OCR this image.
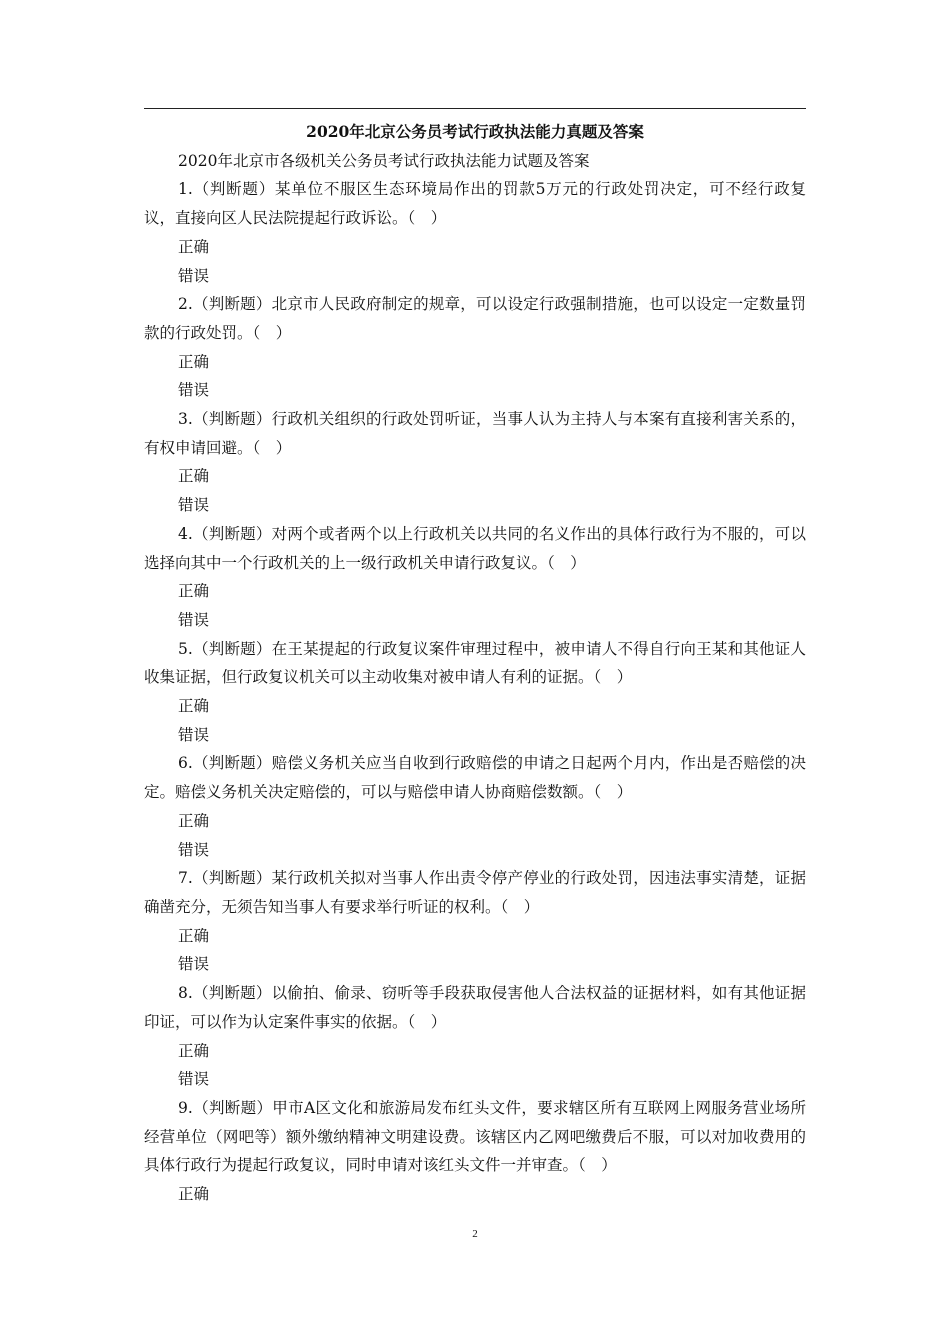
2020年北京公务员考试行政执法能力真题及答案
2020年北京市各级机关公务员考试行政执法能力试题及答案
1.（判断题）某单位不服区生态环境局作出的罚款5万元的行政处罚决定，可不经行政复议，直接向区人民法院提起行政诉讼。（　）
正确
错误
2.（判断题）北京市人民政府制定的规章，可以设定行政强制措施，也可以设定一定数量罚款的行政处罚。（　）
正确
错误
3.（判断题）行政机关组织的行政处罚听证，当事人认为主持人与本案有直接利害关系的，有权申请回避。（　）
正确
错误
4.（判断题）对两个或者两个以上行政机关以共同的名义作出的具体行政行为不服的，可以选择向其中一个行政机关的上一级行政机关申请行政复议。（　）
正确
错误
5.（判断题）在王某提起的行政复议案件审理过程中，被申请人不得自行向王某和其他证人收集证据，但行政复议机关可以主动收集对被申请人有利的证据。（　）
正确
错误
6.（判断题）赔偿义务机关应当自收到行政赔偿的申请之日起两个月内，作出是否赔偿的决定。赔偿义务机关决定赔偿的，可以与赔偿申请人协商赔偿数额。（　）
正确
错误
7.（判断题）某行政机关拟对当事人作出责令停产停业的行政处罚，因违法事实清楚，证据确凿充分，无须告知当事人有要求举行听证的权利。（　）
正确
错误
8.（判断题）以偷拍、偷录、窃听等手段获取侵害他人合法权益的证据材料，如有其他证据印证，可以作为认定案件事实的依据。（　）
正确
错误
9.（判断题）甲市A区文化和旅游局发布红头文件，要求辖区所有互联网上网服务营业场所经营单位（网吧等）额外缴纳精神文明建设费。该辖区内乙网吧缴费后不服，可以对加收费用的具体行政行为提起行政复议，同时申请对该红头文件一并审查。（　）
正确
2
